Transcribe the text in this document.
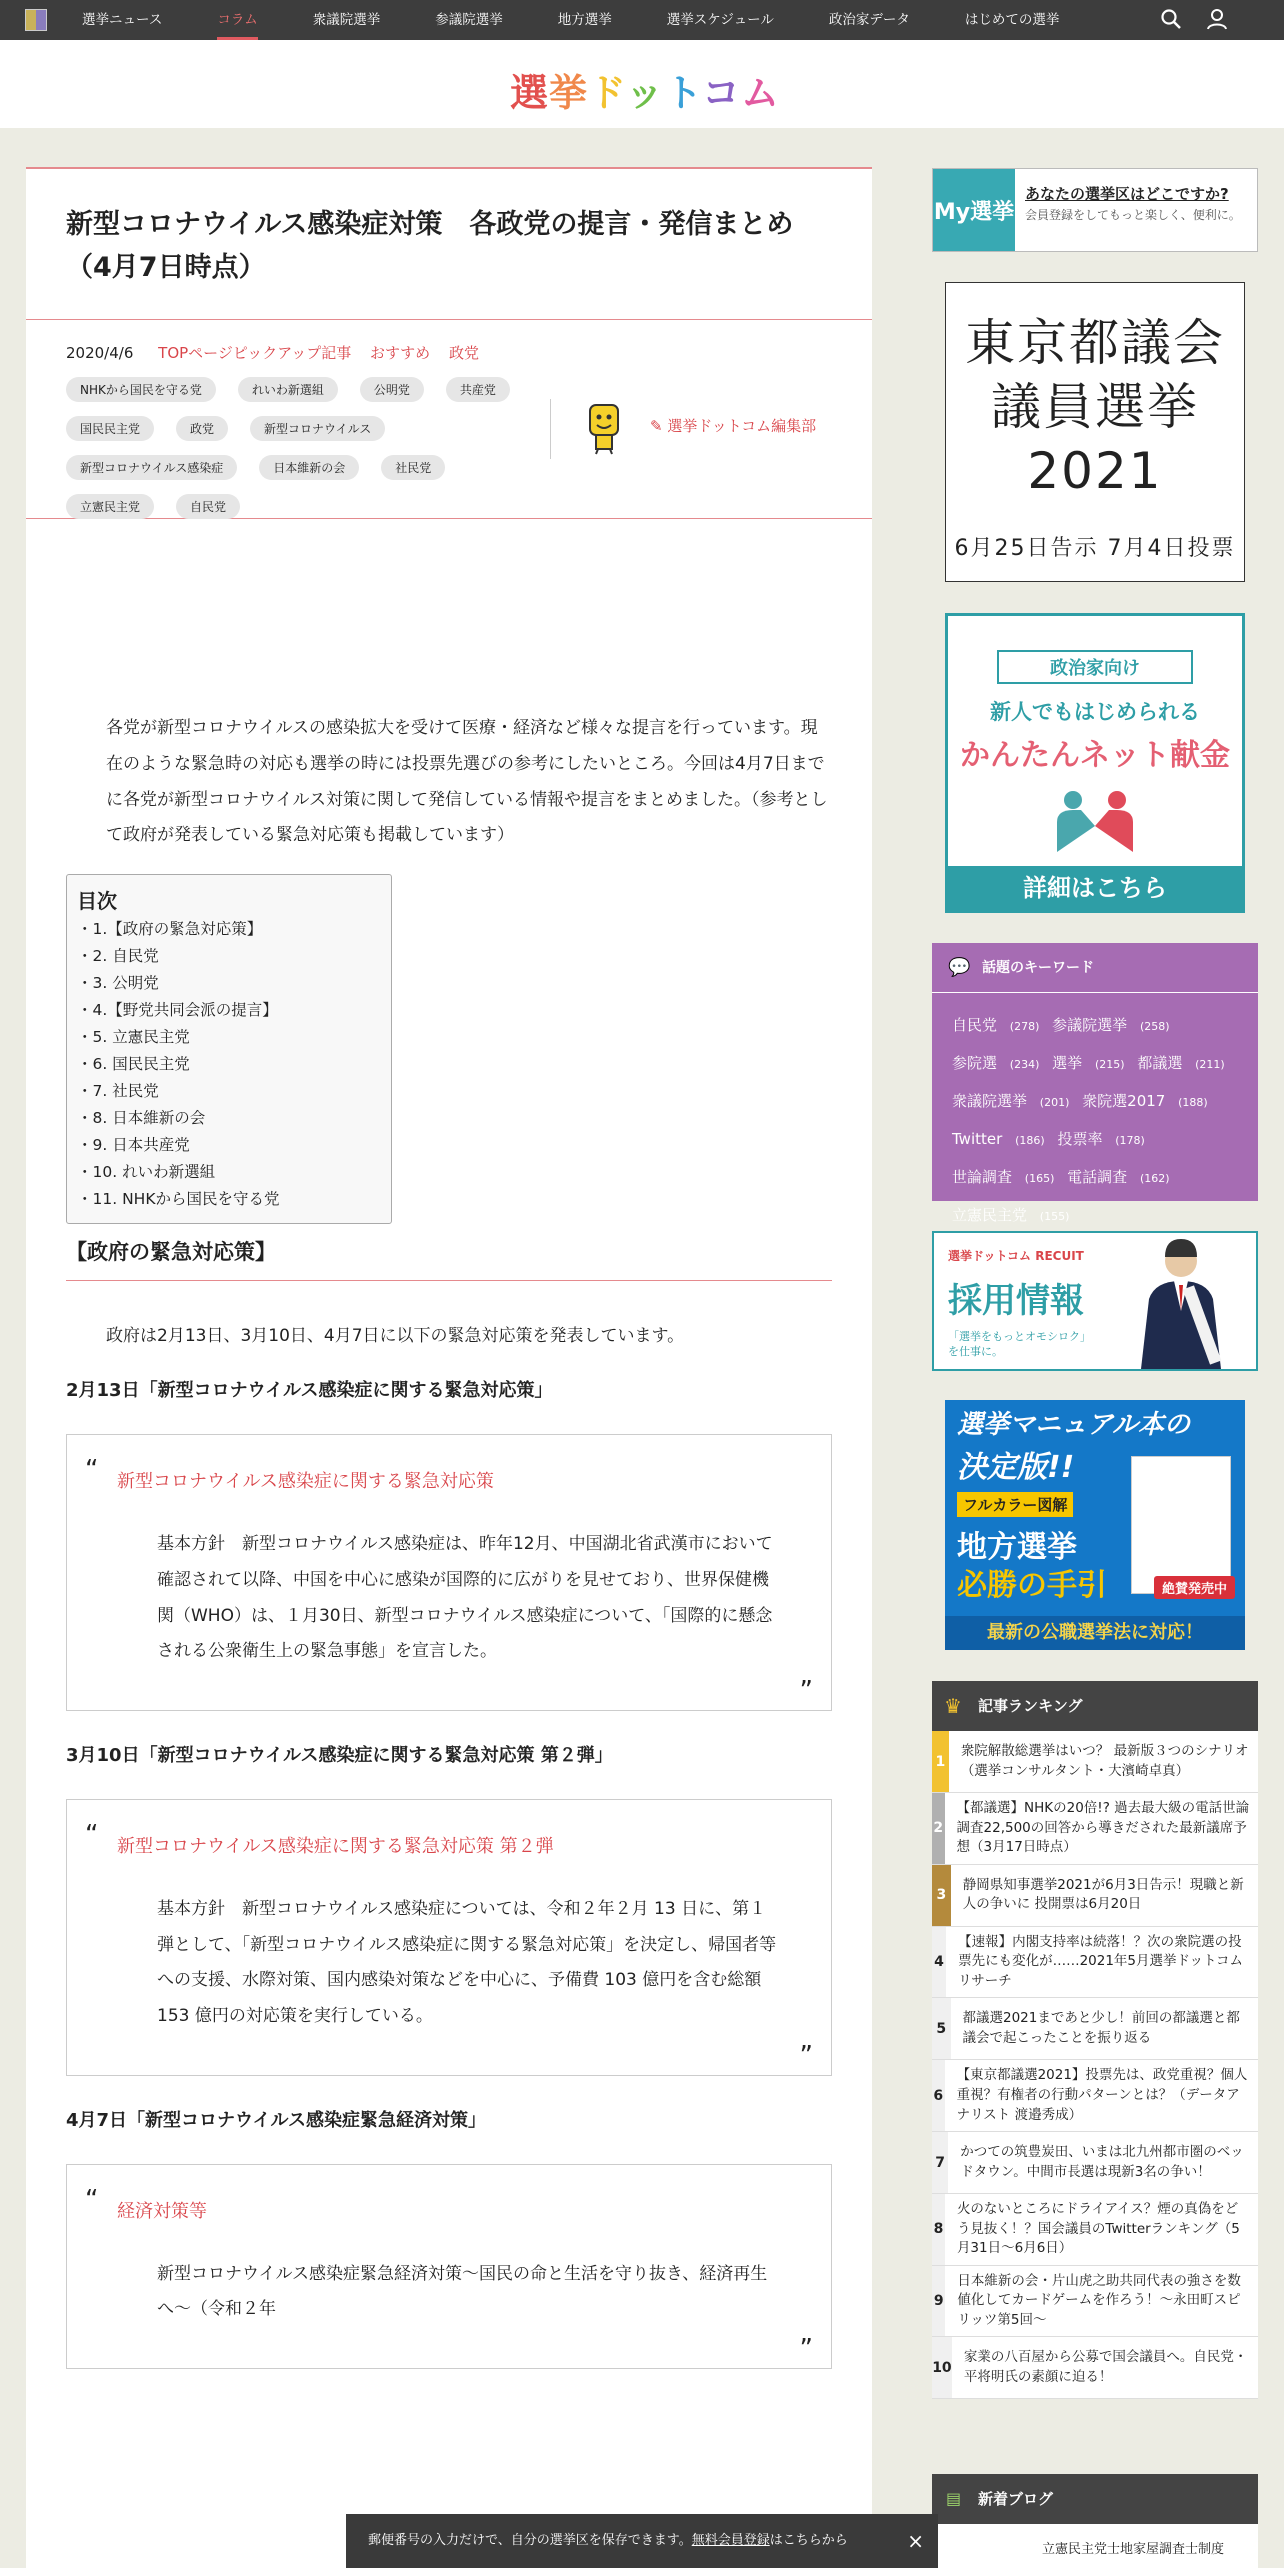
選挙ニュース	コラム	衆議院選挙	参議院選挙	地方選挙	選挙スケジュール	政治家データ	はじめての選挙
選挙ドットコム
新型コロナウイルス感染症対策　各政党の提言・発信まとめ（4月7日時点）
2020/4/6 TOPページピックアップ記事 おすすめ 政党
NHKから国民を守る党	れいわ新選組	公明党	共産党
国民民主党	政党	新型コロナウイルス
新型コロナウイルス感染症	日本維新の会	社民党
立憲民主党	自民党
✎ 選挙ドットコム編集部

各党が新型コロナウイルスの感染拡大を受けて医療・経済など様々な提言を行っています。現在のような緊急時の対応も選挙の時には投票先選びの参考にしたいところ。今回は4月7日までに各党が新型コロナウイルス対策に関して発信している情報や提言をまとめました。（参考として政府が発表している緊急対応策も掲載しています）

目次
・1.【政府の緊急対応策】
・2. 自民党
・3. 公明党
・4.【野党共同会派の提言】
・5. 立憲民主党
・6. 国民民主党
・7. 社民党
・8. 日本維新の会
・9. 日本共産党
・10. れいわ新選組
・11. NHKから国民を守る党
【政府の緊急対応策】

政府は2月13日、3月10日、4月7日に以下の緊急対応策を発表しています。

2月13日「新型コロナウイルス感染症に関する緊急対応策」
“ 新型コロナウイルス感染症に関する緊急対応策

基本方針　新型コロナウイルス感染症は、昨年12月、中国湖北省武漢市において確認されて以降、中国を中心に感染が国際的に広がりを見せており、世界保健機関（WHO）は、１月30日、新型コロナウイルス感染症について、「国際的に懸念される公衆衛生上の緊急事態」を宣言した。

”
3月10日「新型コロナウイルス感染症に関する緊急対応策 第２弾」
“ 新型コロナウイルス感染症に関する緊急対応策 第２弾

基本方針　新型コロナウイルス感染症については、令和２年２月 13 日に、第１弾として、「新型コロナウイルス感染症に関する緊急対応策」を決定し、帰国者等への支援、水際対策、国内感染対策などを中心に、予備費 103 億円を含む総額 153 億円の対応策を実行している。

”
4月7日「新型コロナウイルス感染症緊急経済対策」
“ 経済対策等

新型コロナウイルス感染症緊急経済対策～国民の命と生活を守り抜き、経済再生へ～（令和２年

”
My選挙
あなたの選挙区はどこですか?
会員登録をしてもっと楽しく、便利に。
東京都議会
議員選挙
2021
6月25日告示 7月4日投票
政治家向け
新人でもはじめられる
かんたんネット献金
詳細はこちら
💬 話題のキーワード
自民党 (278) 参議院選挙 (258) 参院選 (234) 選挙 (215) 都議選 (211) 衆議院選挙 (201) 衆院選2017 (188) Twitter (186) 投票率 (178) 世論調査 (165) 電話調査 (162) 立憲民主党 (155)
選挙ドットコム RECUIT
採用情報
「選挙をもっとオモシロク」を仕事に。
選挙マニュアル本の
決定版!!
フルカラー図解
地方選挙
必勝の手引	絶賛発売中
最新の公職選挙法に対応！
♛ 記事ランキング
1
衆院解散総選挙はいつ？ 最新版３つのシナリオ（選挙コンサルタント・大濱崎卓真）
2
【都議選】NHKの20倍!? 過去最大級の電話世論調査22,500の回答から導きだされた最新議席予想（3月17日時点）
3
静岡県知事選挙2021が6月3日告示！現職と新人の争いに 投開票は6月20日
4
【速報】内閣支持率は続落！？次の衆院選の投票先にも変化が……2021年5月選挙ドットコムリサーチ
5
都議選2021まであと少し！前回の都議選と都議会で起こったことを振り返る
6
【東京都議選2021】投票先は、政党重視？個人重視？有権者の行動パターンとは？（データアナリスト 渡邉秀成）
7
かつての筑豊炭田、いまは北九州都市圏のベッドタウン。中間市長選は現新3名の争い！
8
火のないところにドライアイス？煙の真偽をどう見抜く！？国会議員のTwitterランキング（5月31日～6月6日）
9
日本維新の会・片山虎之助共同代表の強さを数値化してカードゲームを作ろう！～永田町スピリッツ第5回～
10
家業の八百屋から公募で国会議員へ。自民党・平将明氏の素顔に迫る！
▤ 新着ブログ
立憲民主党士地家屋調査士制度
郵便番号の入力だけで、自分の選挙区を保存できます。無料会員登録はこちらから	×
